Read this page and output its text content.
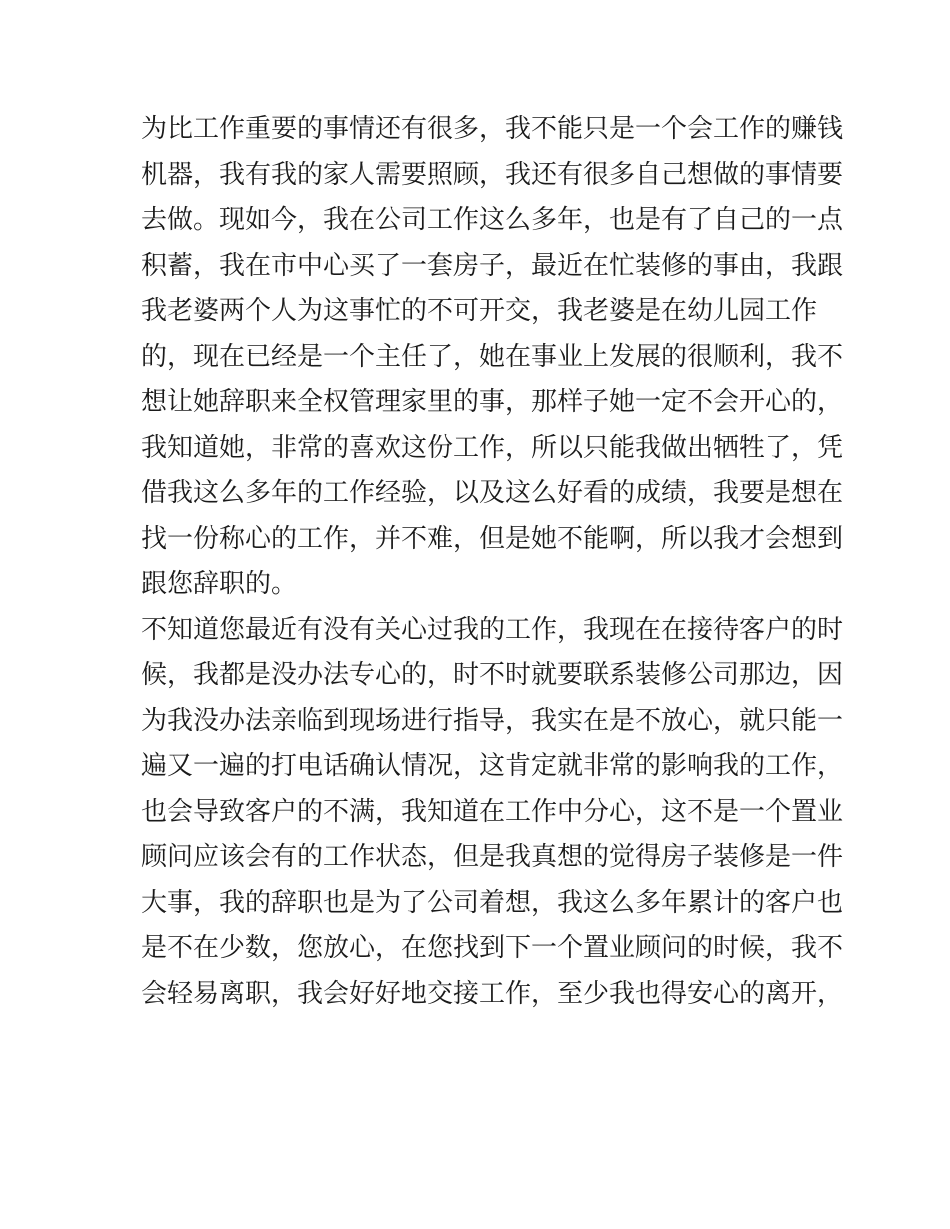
为比工作重要的事情还有很多，我不能只是一个会工作的赚钱
机器，我有我的家人需要照顾，我还有很多自己想做的事情要
去做。现如今，我在公司工作这么多年，也是有了自己的一点
积蓄，我在市中心买了一套房子，最近在忙装修的事由，我跟
我老婆两个人为这事忙的不可开交，我老婆是在幼儿园工作
的，现在已经是一个主任了，她在事业上发展的很顺利，我不
想让她辞职来全权管理家里的事，那样子她一定不会开心的，
我知道她，非常的喜欢这份工作，所以只能我做出牺牲了，凭
借我这么多年的工作经验，以及这么好看的成绩，我要是想在
找一份称心的工作，并不难，但是她不能啊，所以我才会想到
跟您辞职的。
不知道您最近有没有关心过我的工作，我现在在接待客户的时
候，我都是没办法专心的，时不时就要联系装修公司那边，因
为我没办法亲临到现场进行指导，我实在是不放心，就只能一
遍又一遍的打电话确认情况，这肯定就非常的影响我的工作，
也会导致客户的不满，我知道在工作中分心，这不是一个置业
顾问应该会有的工作状态，但是我真想的觉得房子装修是一件
大事，我的辞职也是为了公司着想，我这么多年累计的客户也
是不在少数，您放心，在您找到下一个置业顾问的时候，我不
会轻易离职，我会好好地交接工作，至少我也得安心的离开，
